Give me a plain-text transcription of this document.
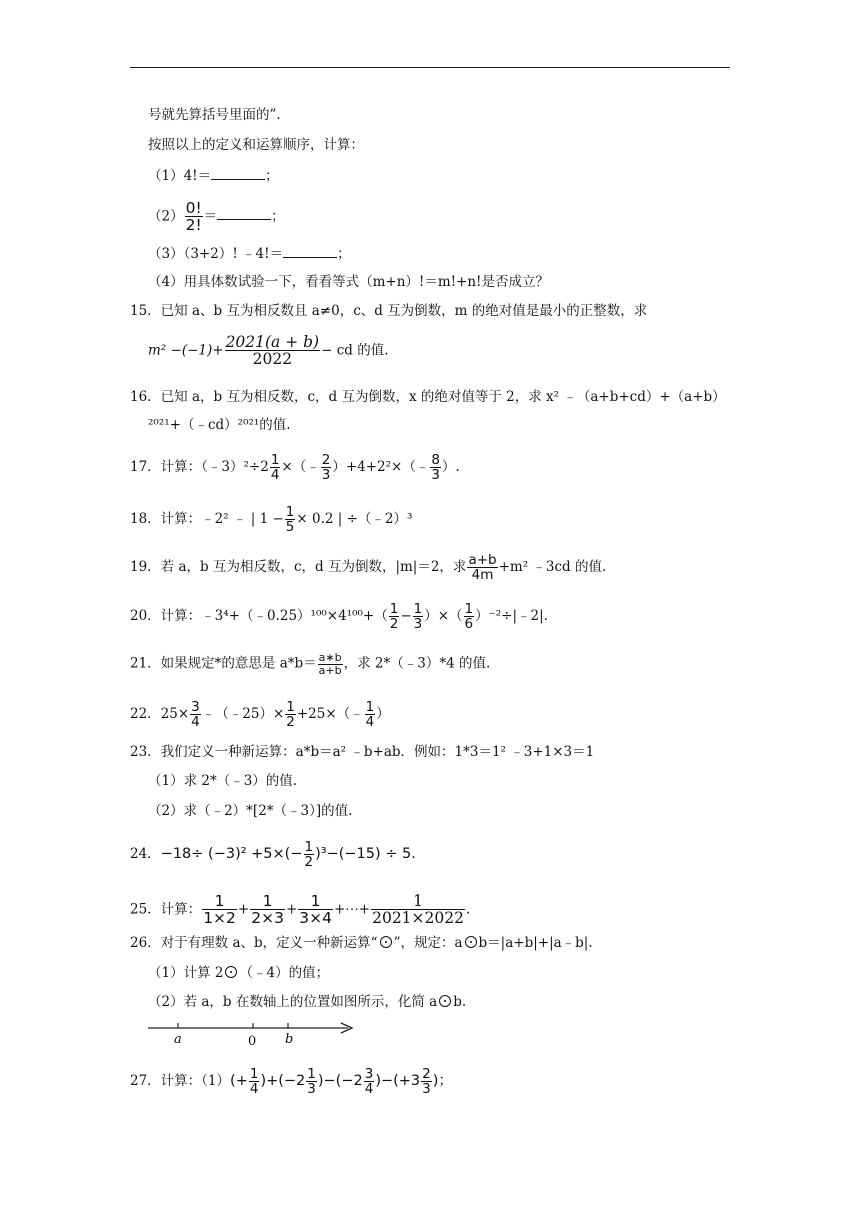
号就先算括号里面的”.
按照以上的定义和运算顺序，计算：
（1）4!＝	；
$(2) \frac{0!}{2!}$ ＝	；
（3）（3+2）! ﹣4!＝	；
（4）用具体数试验一下，看看等式（m+n）!＝m!+n!是否成立？
15．已知 a、b 互为相反数且 a≠0，c、d 互为倒数，m 的绝对值是最小的正整数，求
$m^2 -(-1)+ \frac{2021(a + b)}{2022}$ − cd 的值.
16．已知 a，b 互为相反数，c，d 互为倒数，x 的绝对值等于 2，求 x² ﹣（a+b+cd）+（a+b）
²⁰²¹+（﹣cd）²⁰²¹的值.
17．计算：（﹣3）²÷2 $\frac{1}{4}$ ×（﹣ $\frac{2}{3}$ ）+4+2²×（﹣ $\frac{8}{3}$ ）.
18．计算：﹣2² ﹣ | $1 - \frac{1}{5} \times 0.2$ | ÷（﹣2）³
19．若 a，b 互为相反数，c，d 互为倒数，|m|＝2，求 $\frac{a+b}{4m} +m^2$ ﹣3cd 的值.
20．计算：﹣3⁴+（﹣0.25）¹⁰⁰×4¹⁰⁰+（ $\frac{1}{2} - \frac{1}{3}$ ）×（ $\frac{1}{6}$ ）⁻²÷|﹣2|.
21．如果规定*的意思是 $a*b= \frac{a∗b}{a+b}$ ，求 2*（﹣3）*4 的值.
22．$25\times \frac{3}{4}$ ﹣（﹣25）× $\frac{1}{2}$ +25×（﹣ $\frac{1}{4}$ ）
23．我们定义一种新运算：a*b＝a² ﹣b+ab．例如：1*3＝1² ﹣3+1×3＝1
（1）求 2*（﹣3）的值.
（2）求（﹣2）*[2*（﹣3）]的值.
24．$-18\div (-3)^2 +5\times(- \frac{1}{2} )^3-(-15) \div 5$.
25．计算： $\frac{1}{1\times 2} + \frac{1}{2\times 3} + \frac{1}{3\times 4}$ +⋯+ $\frac{1}{2021\times 2022}$ .
26．对于有理数 a、b，定义一种新运算“ ”，规定：a b＝|a+b|+|a﹣b|.
（1）计算 2 （﹣4）的值；
（2）若 a，b 在数轴上的位置如图所示，化简 a b.
a	0 b
27．计算：$(1)(+ \frac{1}{4} )+(-2 \frac{1}{3} )-(-2 \frac{3}{4} )-(+3 \frac{2}{3}$ )；
